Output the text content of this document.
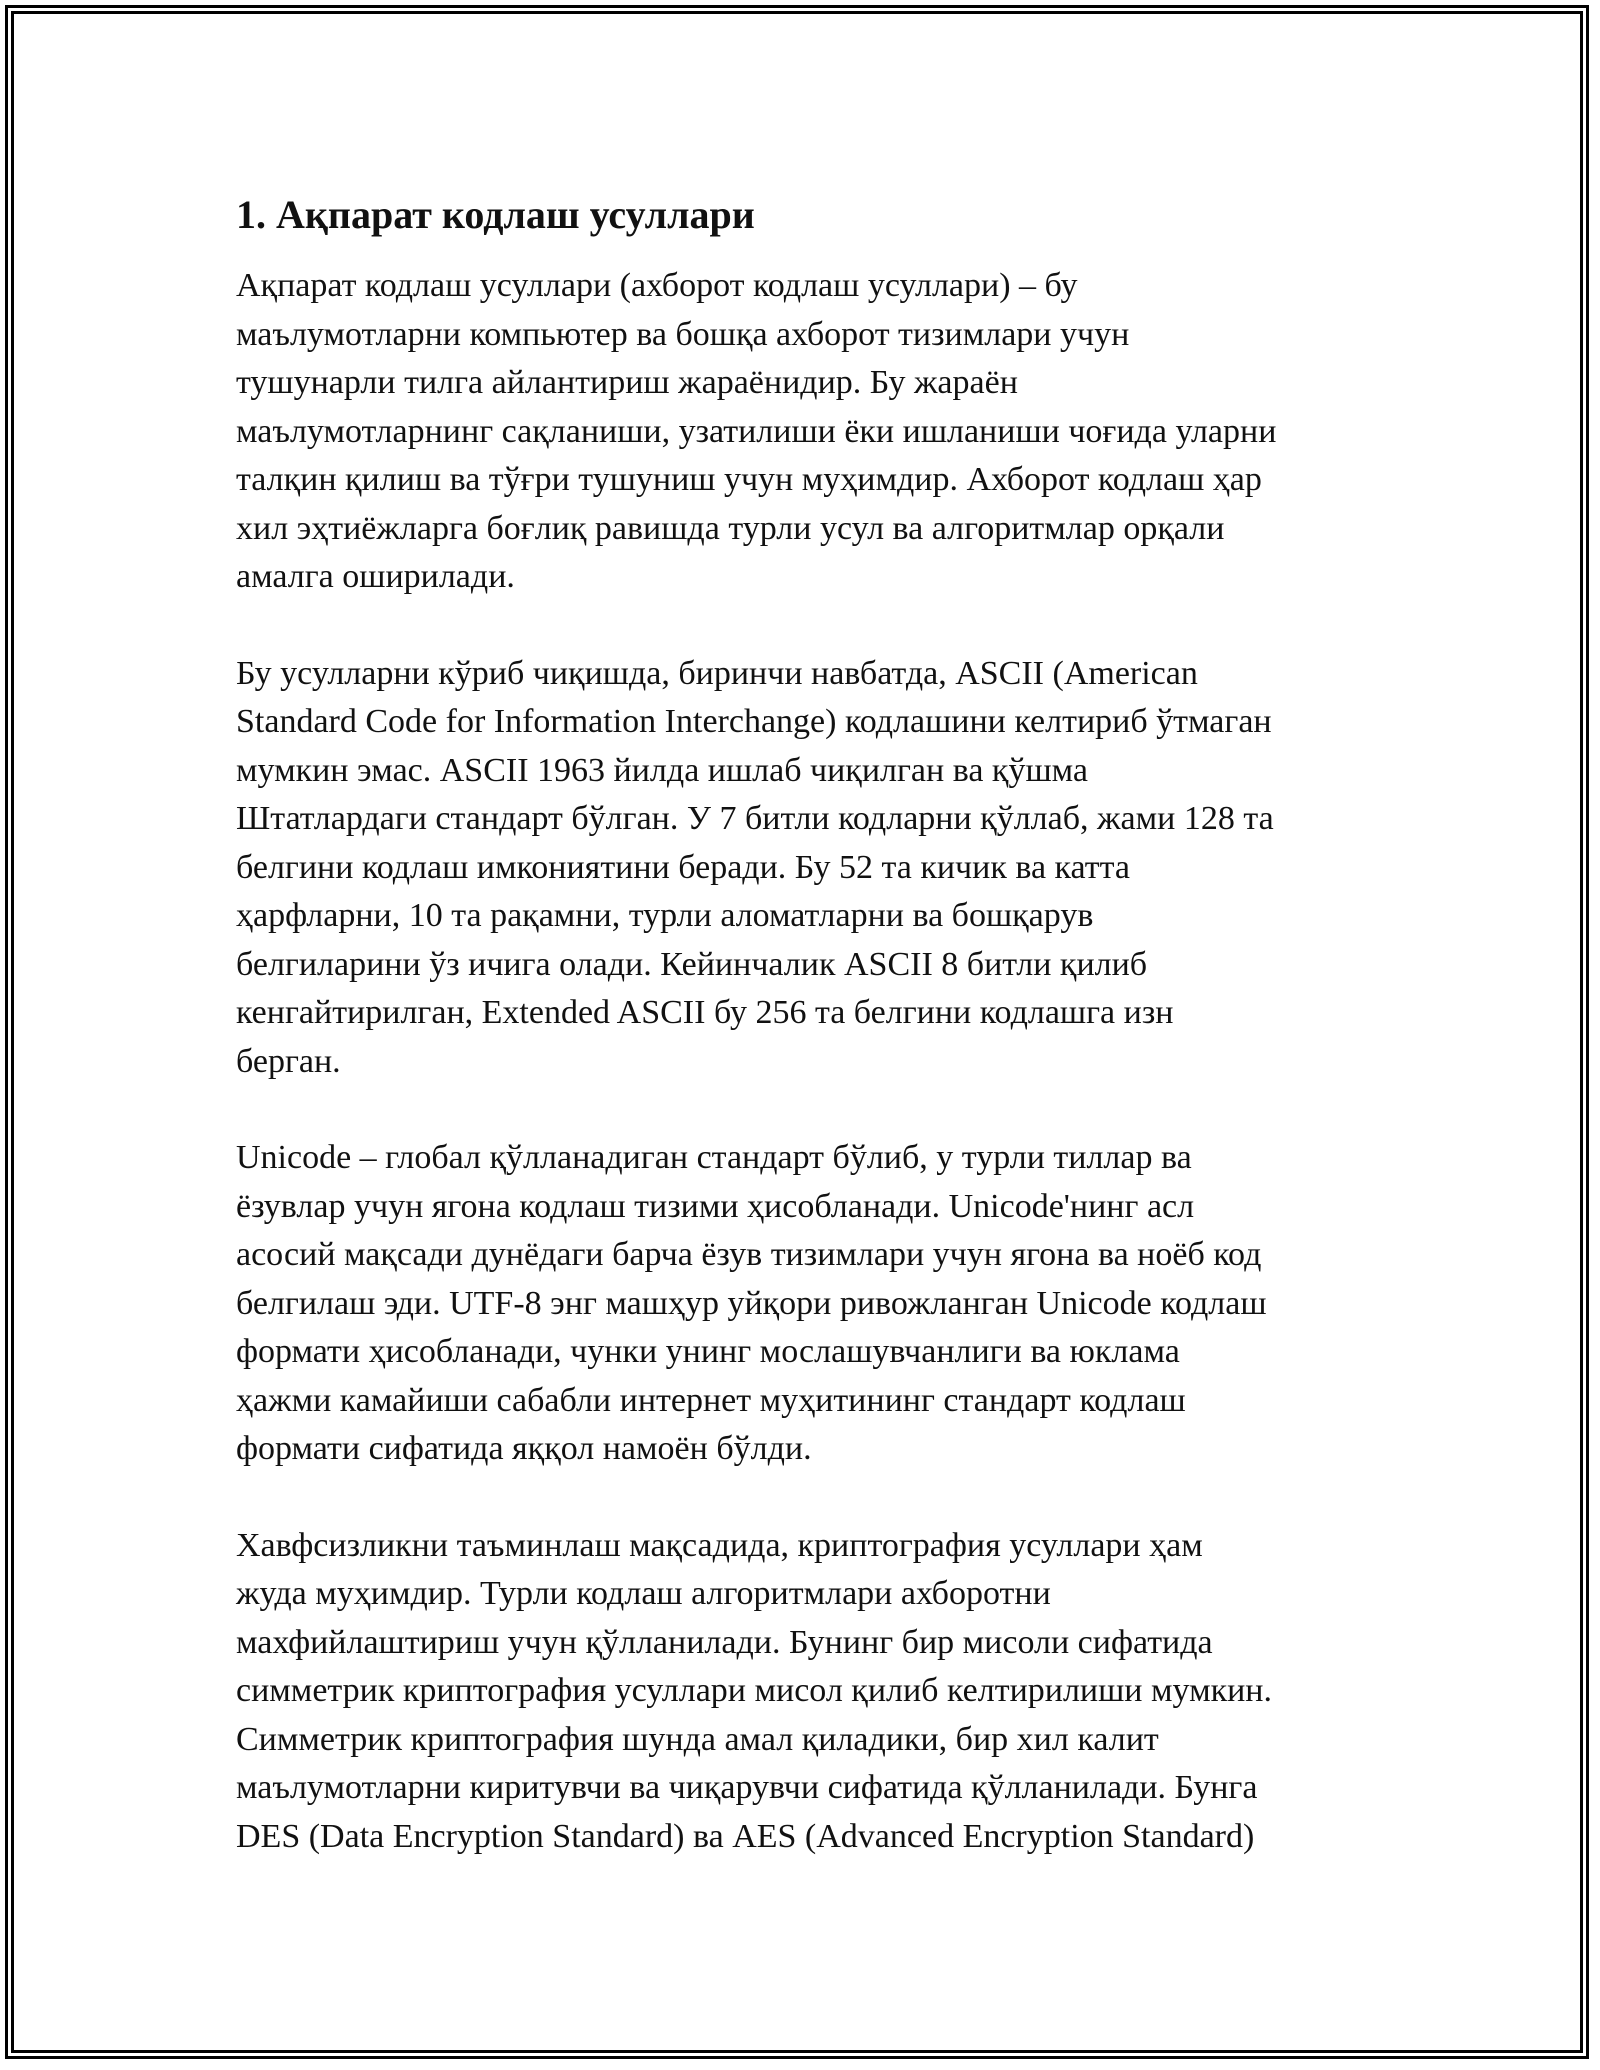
1. Ақпарат кодлаш усуллари

Ақпарат кодлаш усуллари (ахборот кодлаш усуллари) – бу
маълумотларни компьютер ва бошқа ахборот тизимлари учун
тушунарли тилга айлантириш жараёнидир. Бу жараён
маълумотларнинг сақланиши, узатилиши ёки ишланиши чоғида уларни
талқин қилиш ва тўғри тушуниш учун муҳимдир. Ахборот кодлаш ҳар
хил эҳтиёжларга боғлиқ равишда турли усул ва алгоритмлар орқали
амалга оширилади.

Бу усулларни кўриб чиқишда, биринчи навбатда, ASCII (American
Standard Code for Information Interchange) кодлашини келтириб ўтмаган
мумкин эмас. ASCII 1963 йилда ишлаб чиқилган ва қўшма
Штатлардаги стандарт бўлган. У 7 битли кодларни қўллаб, жами 128 та
белгини кодлаш имкониятини беради. Бу 52 та кичик ва катта
ҳарфларни, 10 та рақамни, турли аломатларни ва бошқарув
белгиларини ўз ичига олади. Кейинчалик ASCII 8 битли қилиб
кенгайтирилган, Extended ASCII бу 256 та белгини кодлашга изн
берган.

Unicode – глобал қўлланадиган стандарт бўлиб, у турли тиллар ва
ёзувлар учун ягона кодлаш тизими ҳисобланади. Unicode'нинг асл
асосий мақсади дунёдаги барча ёзув тизимлари учун ягона ва ноёб код
белгилаш эди. UTF-8 энг машҳур уйқори ривожланган Unicode кодлаш
формати ҳисобланади, чунки унинг мослашувчанлиги ва юклама
ҳажми камайиши сабабли интернет муҳитининг стандарт кодлаш
формати сифатида яққол намоён бўлди.

Хавфсизликни таъминлаш мақсадида, криптография усуллари ҳам
жуда муҳимдир. Турли кодлаш алгоритмлари ахборотни
махфийлаштириш учун қўлланилади. Бунинг бир мисоли сифатида
симметрик криптография усуллари мисол қилиб келтирилиши мумкин.
Симметрик криптография шунда амал қиладики, бир хил калит
маълумотларни киритувчи ва чиқарувчи сифатида қўлланилади. Бунга
DES (Data Encryption Standard) ва AES (Advanced Encryption Standard)
